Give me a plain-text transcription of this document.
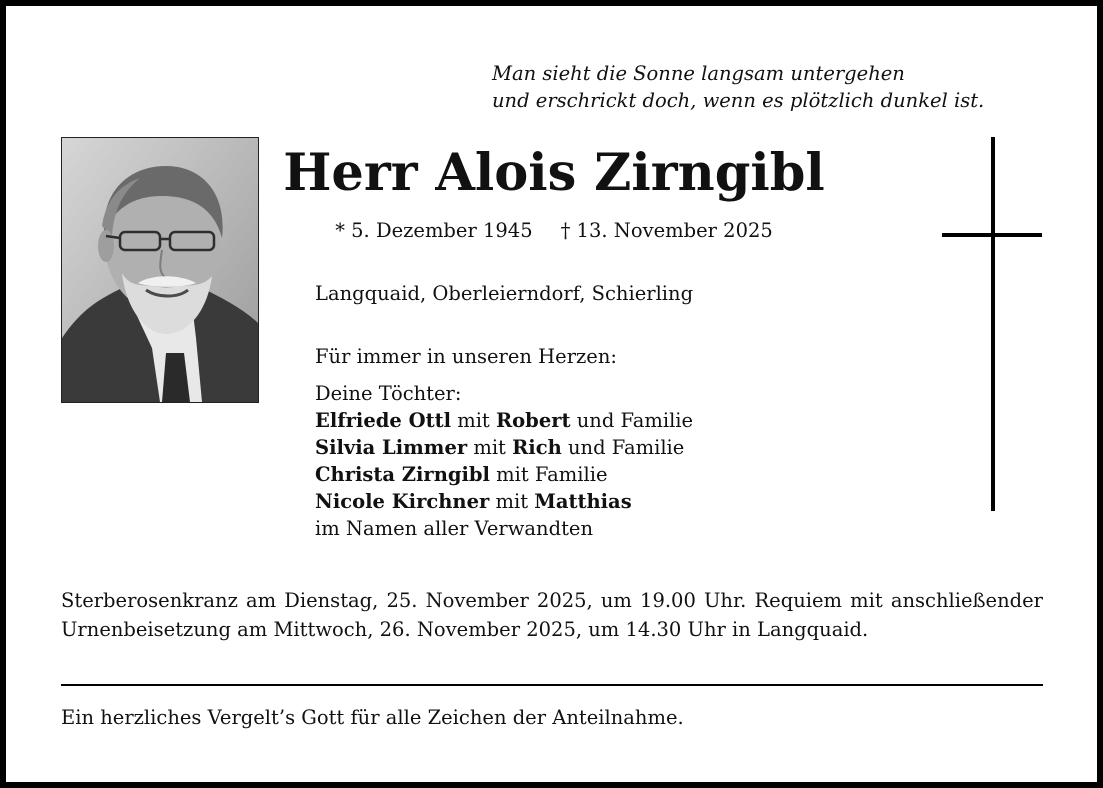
Man sieht die Sonne langsam untergehen
und erschrickt doch, wenn es plötzlich dunkel ist.
Herr Alois Zirngibl
* 5. Dezember 1945 † 13. November 2025
Langquaid, Oberleierndorf, Schierling
Für immer in unseren Herzen:
Deine Töchter:
Elfriede Ottl mit Robert und Familie
Silvia Limmer mit Rich und Familie
Christa Zirngibl mit Familie
Nicole Kirchner mit Matthias
im Namen aller Verwandten
Sterberosenkranz am Dienstag, 25. November 2025, um 19.00 Uhr. Requiem mit anschließender Urnenbeisetzung am Mittwoch, 26. November 2025, um 14.30 Uhr in Langquaid.
Ein herzliches Vergelt’s Gott für alle Zeichen der Anteilnahme.
